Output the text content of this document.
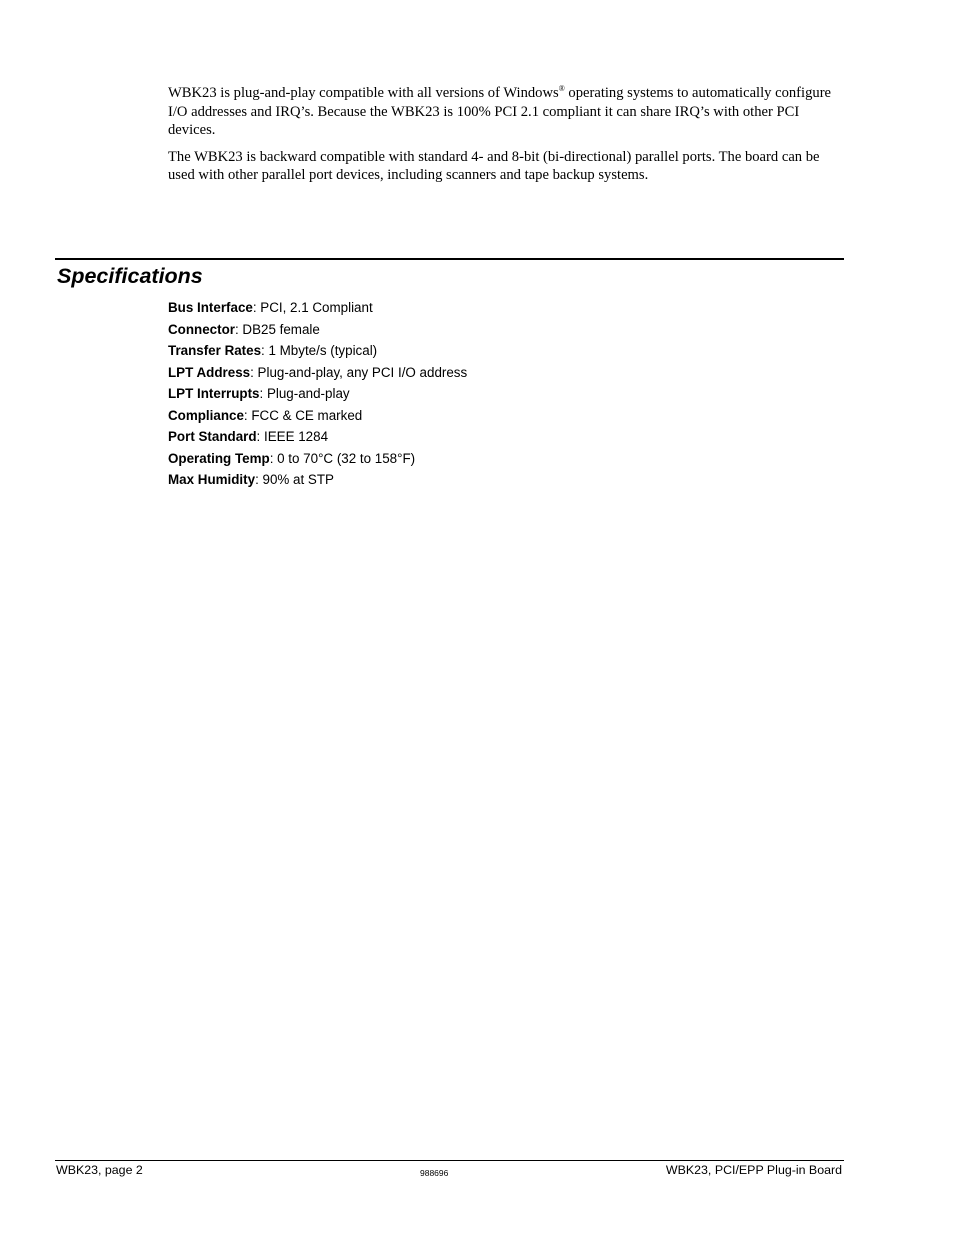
WBK23 is plug-and-play compatible with all versions of Windows® operating systems to automatically configure I/O addresses and IRQ’s. Because the WBK23 is 100% PCI 2.1 compliant it can share IRQ’s with other PCI devices.

The WBK23 is backward compatible with standard 4- and 8-bit (bi-directional) parallel ports. The board can be used with other parallel port devices, including scanners and tape backup systems.

Specifications
Bus Interface: PCI, 2.1 Compliant
Connector: DB25 female
Transfer Rates: 1 Mbyte/s (typical)
LPT Address: Plug-and-play, any PCI I/O address
LPT Interrupts: Plug-and-play
Compliance: FCC & CE marked
Port Standard: IEEE 1284
Operating Temp: 0 to 70°C (32 to 158°F)
Max Humidity: 90% at STP
WBK23, page 2	988696	WBK23, PCI/EPP Plug-in Board
